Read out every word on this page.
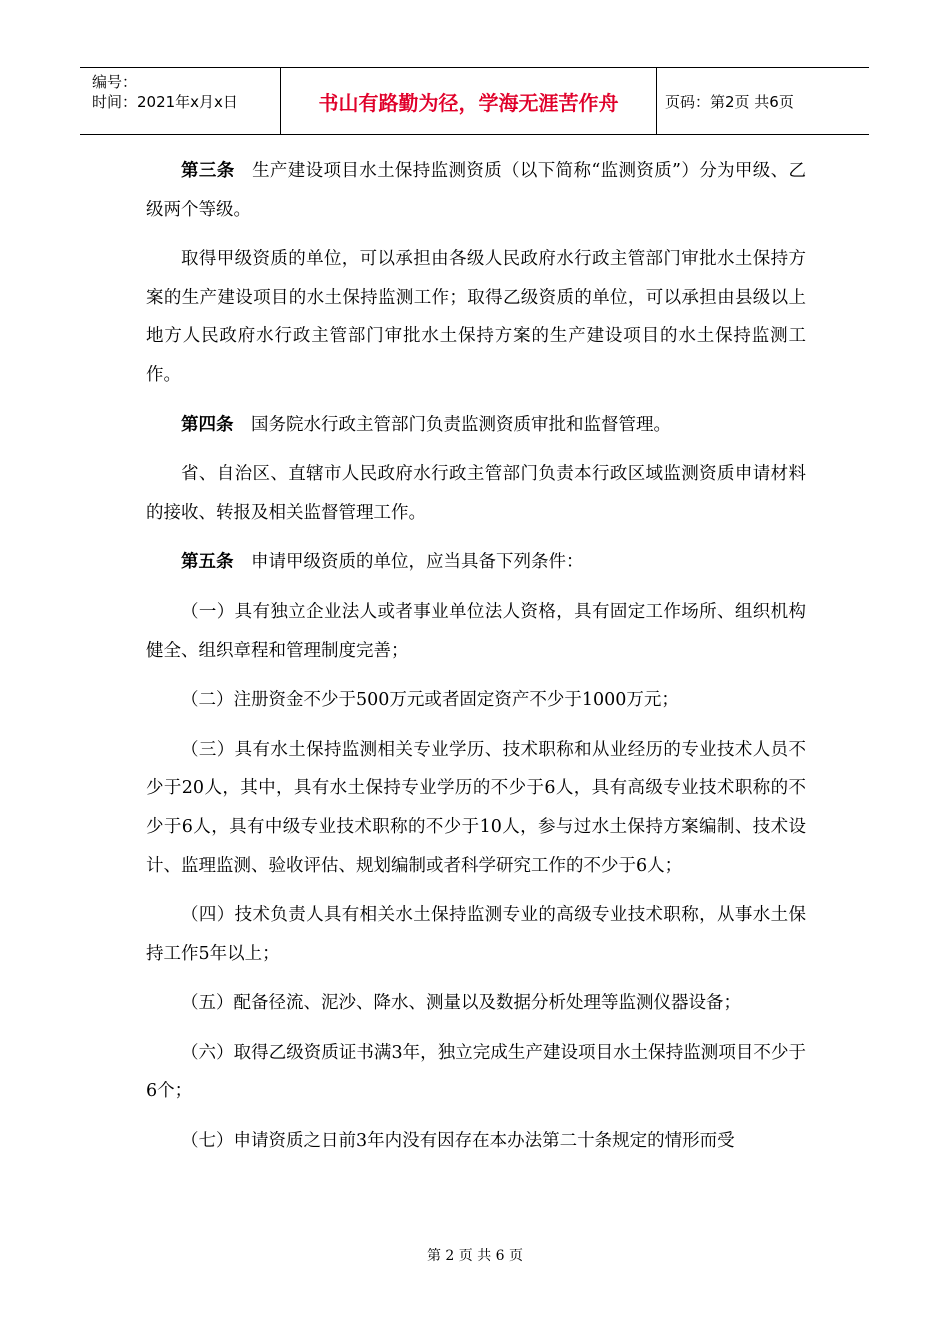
编号：
时间：2021年x月x日	书山有路勤为径，学海无涯苦作舟	页码：第2页 共6页

第三条 生产建设项目水土保持监测资质（以下简称“监测资质”）分为甲级、乙级两个等级。

取得甲级资质的单位，可以承担由各级人民政府水行政主管部门审批水土保持方案的生产建设项目的水土保持监测工作；取得乙级资质的单位，可以承担由县级以上地方人民政府水行政主管部门审批水土保持方案的生产建设项目的水土保持监测工作。

第四条 国务院水行政主管部门负责监测资质审批和监督管理。

省、自治区、直辖市人民政府水行政主管部门负责本行政区域监测资质申请材料的接收、转报及相关监督管理工作。

第五条 申请甲级资质的单位，应当具备下列条件：

（一）具有独立企业法人或者事业单位法人资格，具有固定工作场所、组织机构健全、组织章程和管理制度完善；

（二）注册资金不少于500万元或者固定资产不少于1000万元；

（三）具有水土保持监测相关专业学历、技术职称和从业经历的专业技术人员不少于20人，其中，具有水土保持专业学历的不少于6人，具有高级专业技术职称的不少于6人，具有中级专业技术职称的不少于10人，参与过水土保持方案编制、技术设计、监理监测、验收评估、规划编制或者科学研究工作的不少于6人；

（四）技术负责人具有相关水土保持监测专业的高级专业技术职称，从事水土保持工作5年以上；

（五）配备径流、泥沙、降水、测量以及数据分析处理等监测仪器设备；

（六）取得乙级资质证书满3年，独立完成生产建设项目水土保持监测项目不少于6个；

（七）申请资质之日前3年内没有因存在本办法第二十条规定的情形而受

第 2 页 共 6 页
